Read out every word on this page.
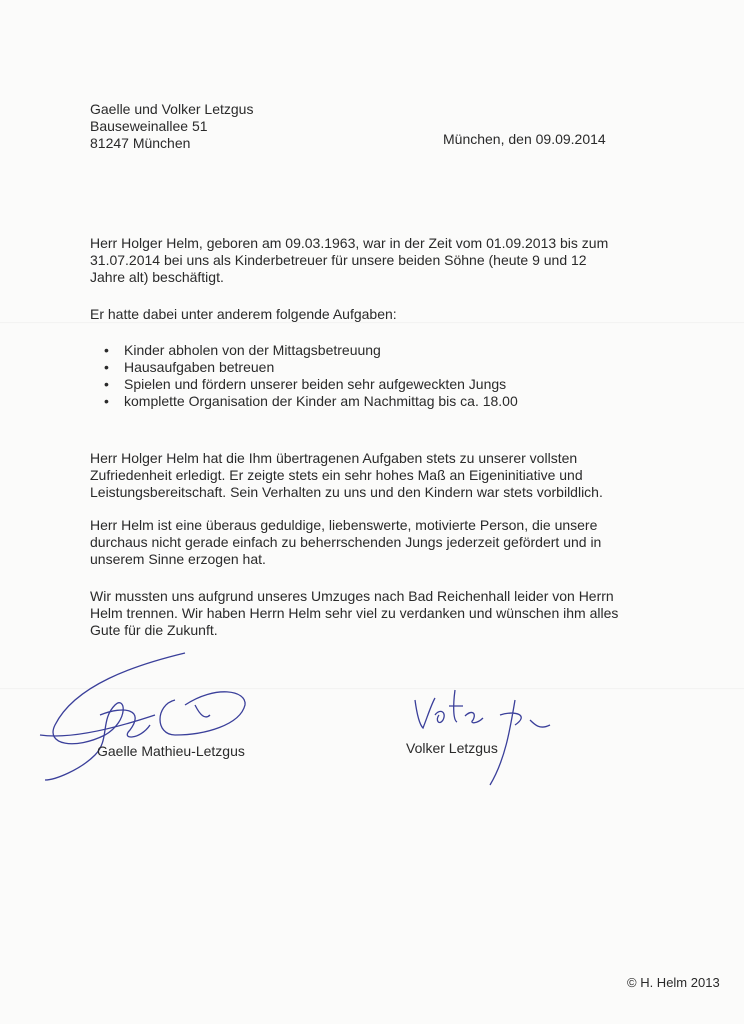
Gaelle und Volker Letzgus
Bauseweinallee 51
81247 München	München, den 09.09.2014
Herr Holger Helm, geboren am 09.03.1963, war in der Zeit vom 01.09.2013 bis zum
31.07.2014 bei uns als Kinderbetreuer für unsere beiden Söhne (heute 9 und 12
Jahre alt) beschäftigt.
Er hatte dabei unter anderem folgende Aufgaben:
• Kinder abholen von der Mittagsbetreuung
• Hausaufgaben betreuen
• Spielen und fördern unserer beiden sehr aufgeweckten Jungs
• komplette Organisation der Kinder am Nachmittag bis ca. 18.00
Herr Holger Helm hat die Ihm übertragenen Aufgaben stets zu unserer vollsten
Zufriedenheit erledigt. Er zeigte stets ein sehr hohes Maß an Eigeninitiative und
Leistungsbereitschaft. Sein Verhalten zu uns und den Kindern war stets vorbildlich.
Herr Helm ist eine überaus geduldige, liebenswerte, motivierte Person, die unsere
durchaus nicht gerade einfach zu beherrschenden Jungs jederzeit gefördert und in
unserem Sinne erzogen hat.
Wir mussten uns aufgrund unseres Umzuges nach Bad Reichenhall leider von Herrn
Helm trennen. Wir haben Herrn Helm sehr viel zu verdanken und wünschen ihm alles
Gute für die Zukunft.
Gaelle Mathieu-Letzgus	Volker Letzgus
© H. Helm 2013
